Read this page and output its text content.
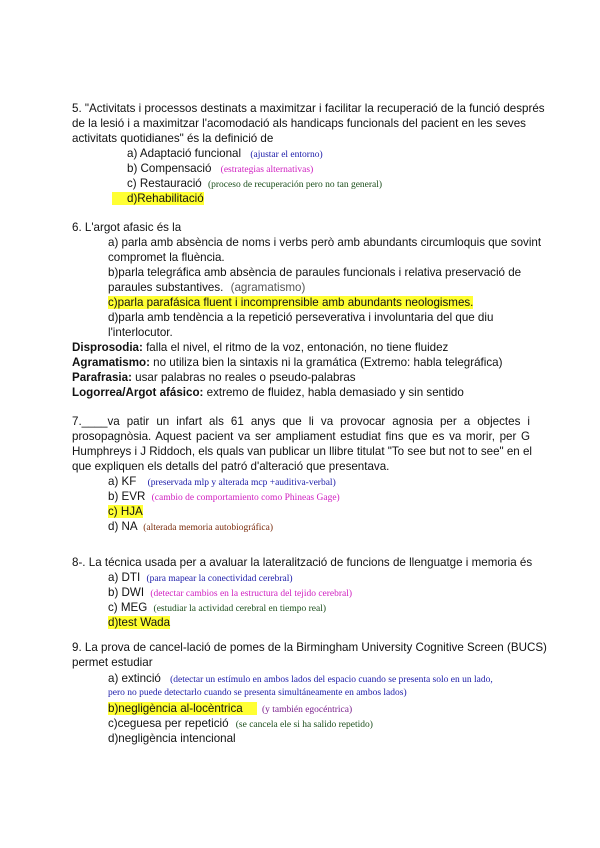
5. "Activitats i processos destinats a maximitzar i facilitar la recuperació de la funció després
de la lesió i a maximitzar l'acomodació als handicaps funcionals del pacient en les seves
activitats quotidianes" és la definició de
a) Adaptació funcional (ajustar el entorno)
b) Compensació (estrategias alternativas)
c) Restauració (proceso de recuperación pero no tan general)
d)Rehabilitació
6. L'argot afasic és la
a) parla amb absència de noms i verbs però amb abundants circumloquis que sovint
compromet la fluència.
b)parla telegráfica amb absència de paraules funcionals i relativa preservació de
paraules substantives. (agramatismo)
c)parla parafásica fluent i incomprensible amb abundants neologismes.
d)parla amb tendència a la repetició perseverativa i involuntaria del que diu
l'interlocutor.
Disprosodia: falla el nivel, el ritmo de la voz, entonación, no tiene fluidez
Agramatismo: no utiliza bien la sintaxis ni la gramática (Extremo: habla telegráfica)
Parafrasia: usar palabras no reales o pseudo-palabras
Logorrea/Argot afásico: extremo de fluidez, habla demasiado y sin sentido
7.____va patir un infart als 61 anys que li va provocar agnosia per a objectes i
prosopagnòsia. Aquest pacient va ser ampliament estudiat fins que es va morir, per G
Humphreys i J Riddoch, els quals van publicar un llibre titulat "To see but not to see" en el
que expliquen els detalls del patró d'alteració que presentava.
a) KF (preservada mlp y alterada mcp +auditiva-verbal)
b) EVR (cambio de comportamiento como Phineas Gage)
c) HJA
d) NA (alterada memoria autobiográfica)
8-. La técnica usada per a avaluar la lateralització de funcions de llenguatge i memoria és
a) DTI (para mapear la conectividad cerebral)
b) DWI (detectar cambios en la estructura del tejido cerebral)
c) MEG (estudiar la actividad cerebral en tiempo real)
d)test Wada
9. La prova de cancel-lació de pomes de la Birmingham University Cognitive Screen (BUCS)
permet estudiar
a) extinció (detectar un estímulo en ambos lados del espacio cuando se presenta solo en un lado,
pero no puede detectarlo cuando se presenta simultáneamente en ambos lados)
b)negligència al-locèntrica (y también egocéntrica)
c)ceguesa per repetició (se cancela ele si ha salido repetido)
d)negligència intencional
